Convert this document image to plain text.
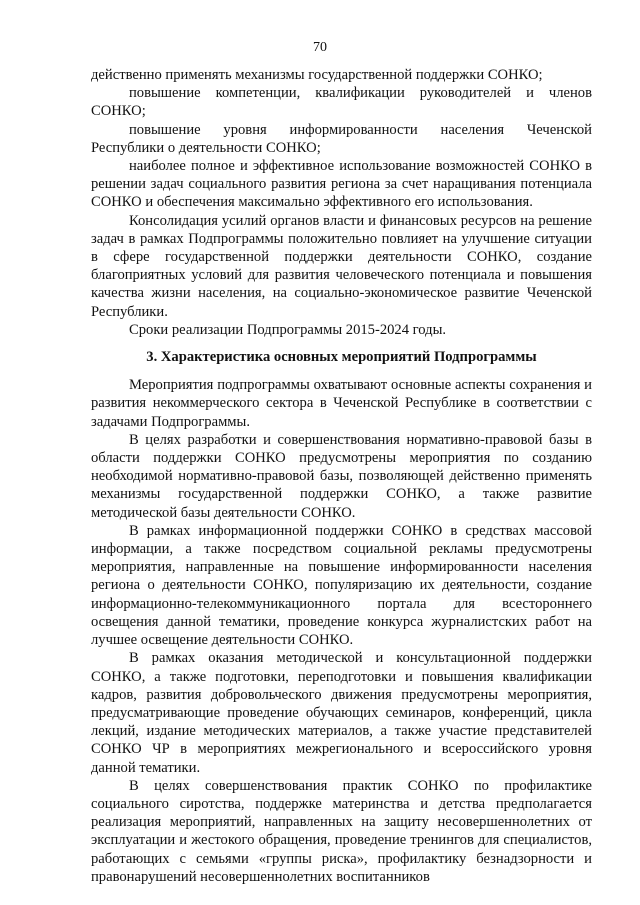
70

действенно применять механизмы государственной поддержки СОНКО;

повышение компетенции, квалификации руководителей и членов СОНКО;

повышение уровня информированности населения Чеченской Республики о деятельности СОНКО;

наиболее полное и эффективное использование возможностей СОНКО в решении задач социального развития региона за счет наращивания потенциала СОНКО и обеспечения максимально эффективного его использования.

Консолидация усилий органов власти и финансовых ресурсов на решение задач в рамках Подпрограммы положительно повлияет на улучшение ситуации в сфере государственной поддержки деятельности СОНКО, создание благоприятных условий для развития человеческого потенциала и повышения качества жизни населения, на социально-экономическое развитие Чеченской Республики.

Сроки реализации Подпрограммы 2015-2024 годы.

3. Характеристика основных мероприятий Подпрограммы

Мероприятия подпрограммы охватывают основные аспекты сохранения и развития некоммерческого сектора в Чеченской Республике в соответствии с задачами Подпрограммы.

В целях разработки и совершенствования нормативно-правовой базы в области поддержки СОНКО предусмотрены мероприятия по созданию необходимой нормативно-правовой базы, позволяющей действенно применять механизмы государственной поддержки СОНКО, а также развитие методической базы деятельности СОНКО.

В рамках информационной поддержки СОНКО в средствах массовой информации, а также посредством социальной рекламы предусмотрены мероприятия, направленные на повышение информированности населения региона о деятельности СОНКО, популяризацию их деятельности, создание информационно-телекоммуникационного портала для всестороннего освещения данной тематики, проведение конкурса журналистских работ на лучшее освещение деятельности СОНКО.

В рамках оказания методической и консультационной поддержки СОНКО, а также подготовки, переподготовки и повышения квалификации кадров, развития добровольческого движения предусмотрены мероприятия, предусматривающие проведение обучающих семинаров, конференций, цикла лекций, издание методических материалов, а также участие представителей СОНКО ЧР в мероприятиях межрегионального и всероссийского уровня данной тематики.

В целях совершенствования практик СОНКО по профилактике социального сиротства, поддержке материнства и детства предполагается реализация мероприятий, направленных на защиту несовершеннолетних от эксплуатации и жестокого обращения, проведение тренингов для специалистов, работающих с семьями «группы риска», профилактику безнадзорности и правонарушений несовершеннолетних воспитанников
